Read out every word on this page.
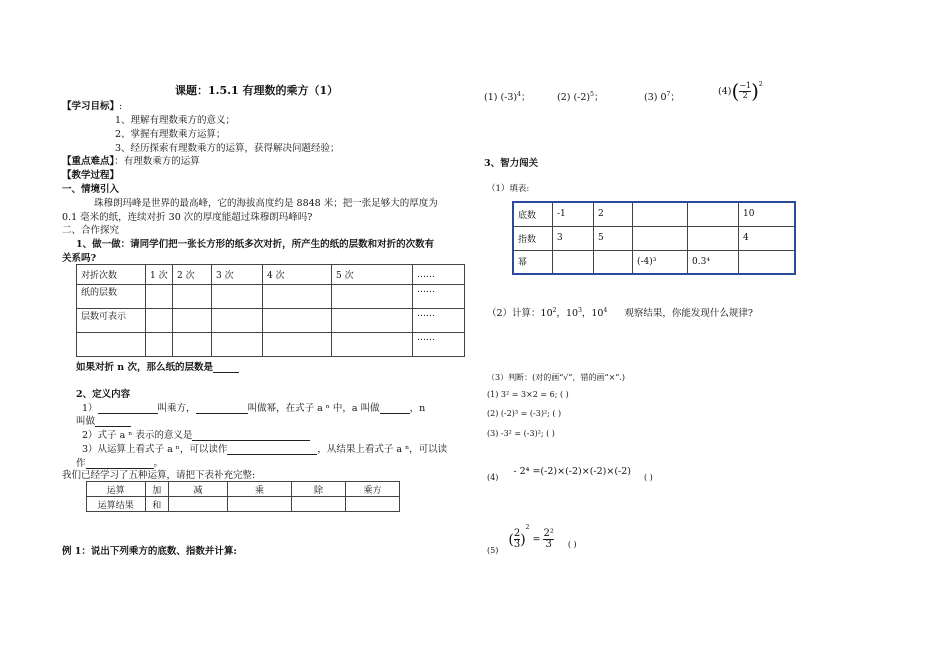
课题：1.5.1 有理数的乘方（1）
【学习目标】:
1、理解有理数乘方的意义；
2、掌握有理数乘方运算；
3、经历探索有理数乘方的运算，获得解决问题经验；
【重点难点】：有理数乘方的运算
【教学过程】
一、情境引入
珠穆朗玛峰是世界的最高峰，它的海拔高度约是 8848 米；把一张足够大的厚度为
0.1 毫米的纸，连续对折 30 次的厚度能超过珠穆朗玛峰吗?
二、合作探究
1、做一做：请同学们把一张长方形的纸多次对折，所产生的纸的层数和对折的次数有
关系吗?
对折次数	1 次	2 次	3 次	4 次	5 次	……
纸的层数						……
层数可表示						……
						……
如果对折 n 次，那么纸的层数是
2、定义内容
1）	叫乘方，	叫做幂，在式子 a ⁿ 中，a 叫做	，n
叫做
2）式子 a ⁿ 表示的意义是
3）从运算上看式子 a ⁿ，可以读作	，从结果上看式子 a ⁿ，可以读
作	。
我们已经学习了五种运算，请把下表补充完整:
运算	加	减	乘	除	乘方
运算结果	和				
例 1：说出下列乘方的底数、指数并计算:
(1) $(-3)^4$；	(2) $(-2)^5$；	(3) $0^7$；
(4) ( $\frac{-1}{2} )^2$
3、智力闯关
（1）填表:
底数	-1	2			10
指数	3	5			4
幂			(-4)³	0.3⁴	
（2）计算：$10^2$，$10^3$，$10^4$ 观察结果，你能发现什么规律?
（3）判断：(对的画“√”，错的画“×”.)
(1) 3² = 3×2 = 6; ( )
(2) (-2)³ = (-3)²; ( )
(3) -3² = (-3)²; ( )
(4) - 2⁴ =(-2)×(-2)×(-2)×(-2) ( )
(5)
( $\frac{2}{3}$ )
2
= $\frac{\text{2²}}{3}$ ( )
